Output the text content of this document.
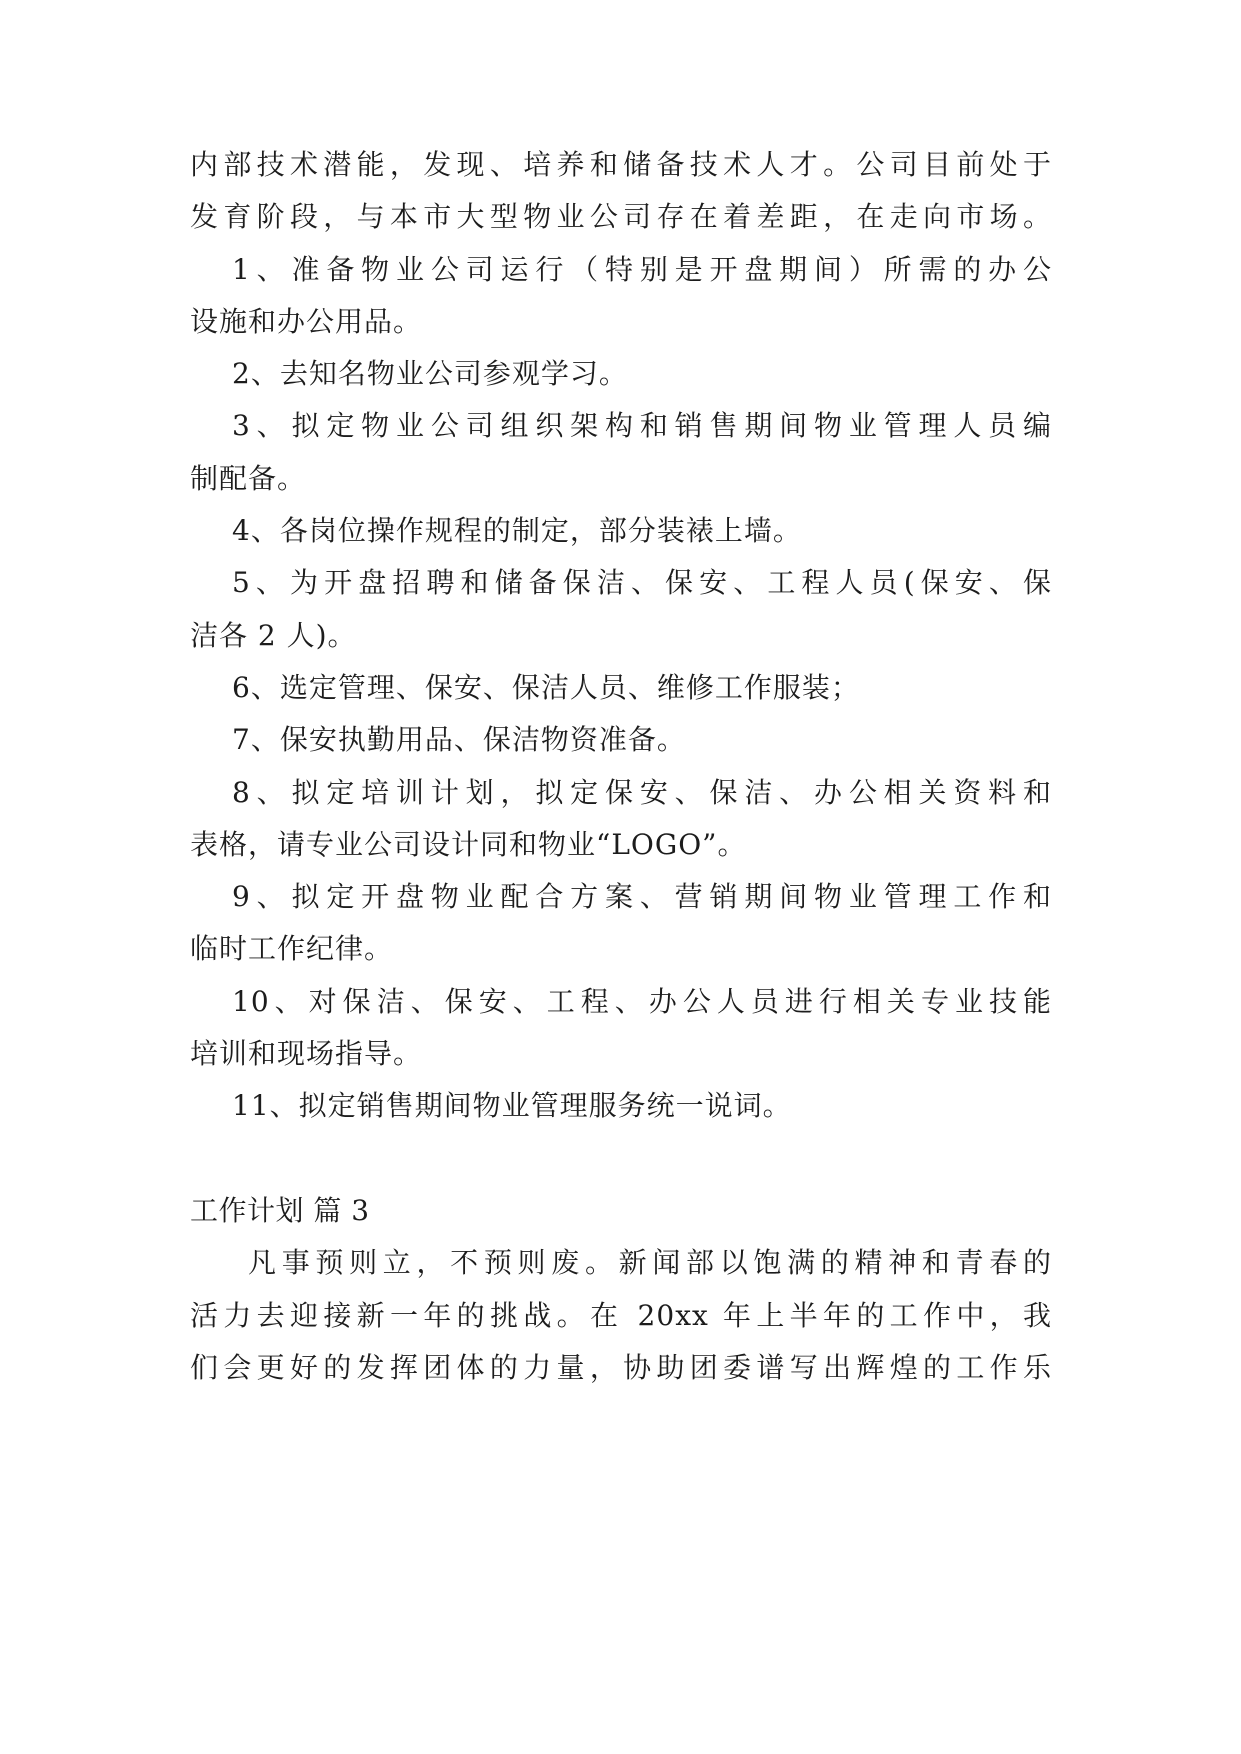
内部技术潜能，发现、培养和储备技术人才。公司目前处于
发育阶段，与本市大型物业公司存在着差距，在走向市场。
1、准备物业公司运行（特别是开盘期间）所需的办公
设施和办公用品。
2、去知名物业公司参观学习。
3、拟定物业公司组织架构和销售期间物业管理人员编
制配备。
4、各岗位操作规程的制定，部分装裱上墙。
5、为开盘招聘和储备保洁、保安、工程人员(保安、保
洁各 2 人)。
6、选定管理、保安、保洁人员、维修工作服装；
7、保安执勤用品、保洁物资准备。
8、拟定培训计划，拟定保安、保洁、办公相关资料和
表格，请专业公司设计同和物业“LOGO”。
9、拟定开盘物业配合方案、营销期间物业管理工作和
临时工作纪律。
10、对保洁、保安、工程、办公人员进行相关专业技能
培训和现场指导。
11、拟定销售期间物业管理服务统一说词。
工作计划 篇 3
凡事预则立，不预则废。新闻部以饱满的精神和青春的
活力去迎接新一年的挑战。在 20xx 年上半年的工作中，我
们会更好的发挥团体的力量，协助团委谱写出辉煌的工作乐
